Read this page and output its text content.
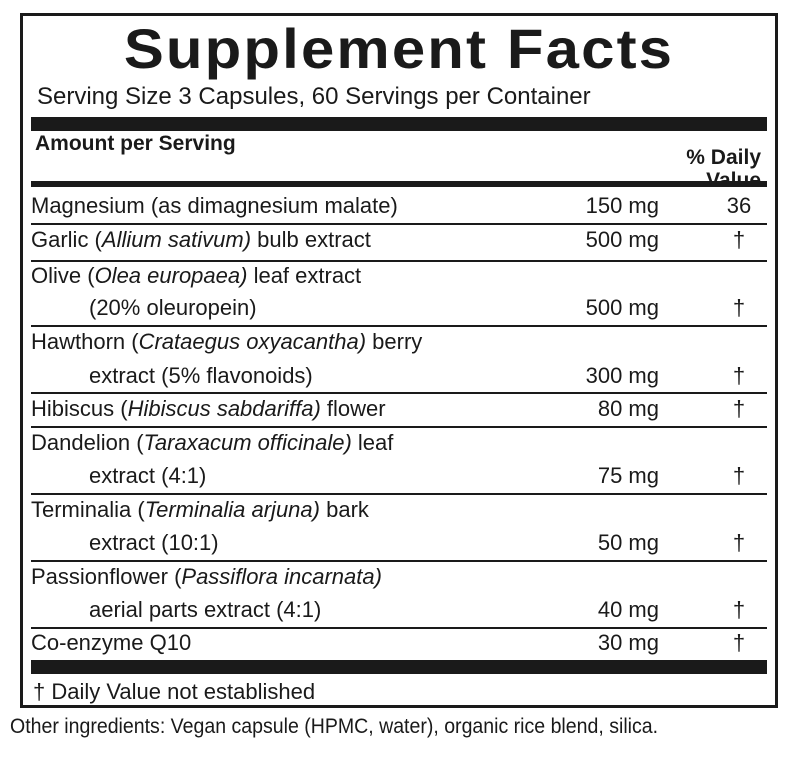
Supplement Facts
Serving Size 3 Capsules, 60 Servings per Container
Amount per Serving
% Daily
Magnesium (as dimagnesium malate)	150 mg	36
Garlic (Allium sativum) bulb extract	500 mg	†
Olive (Olea europaea) leaf extract
(20% oleuropein)	500 mg	†
Hawthorn (Crataegus oxyacantha) berry
extract (5% flavonoids)	300 mg	†
Hibiscus (Hibiscus sabdariffa) flower	80 mg	†
Dandelion (Taraxacum officinale) leaf
extract (4:1)	75 mg	†
Terminalia (Terminalia arjuna) bark
extract (10:1)	50 mg	†
Passionflower (Passiflora incarnata)
aerial parts extract (4:1)	40 mg	†
Co-enzyme Q10	30 mg	†
† Daily Value not established
Other ingredients: Vegan capsule (HPMC, water), organic rice blend, silica.
